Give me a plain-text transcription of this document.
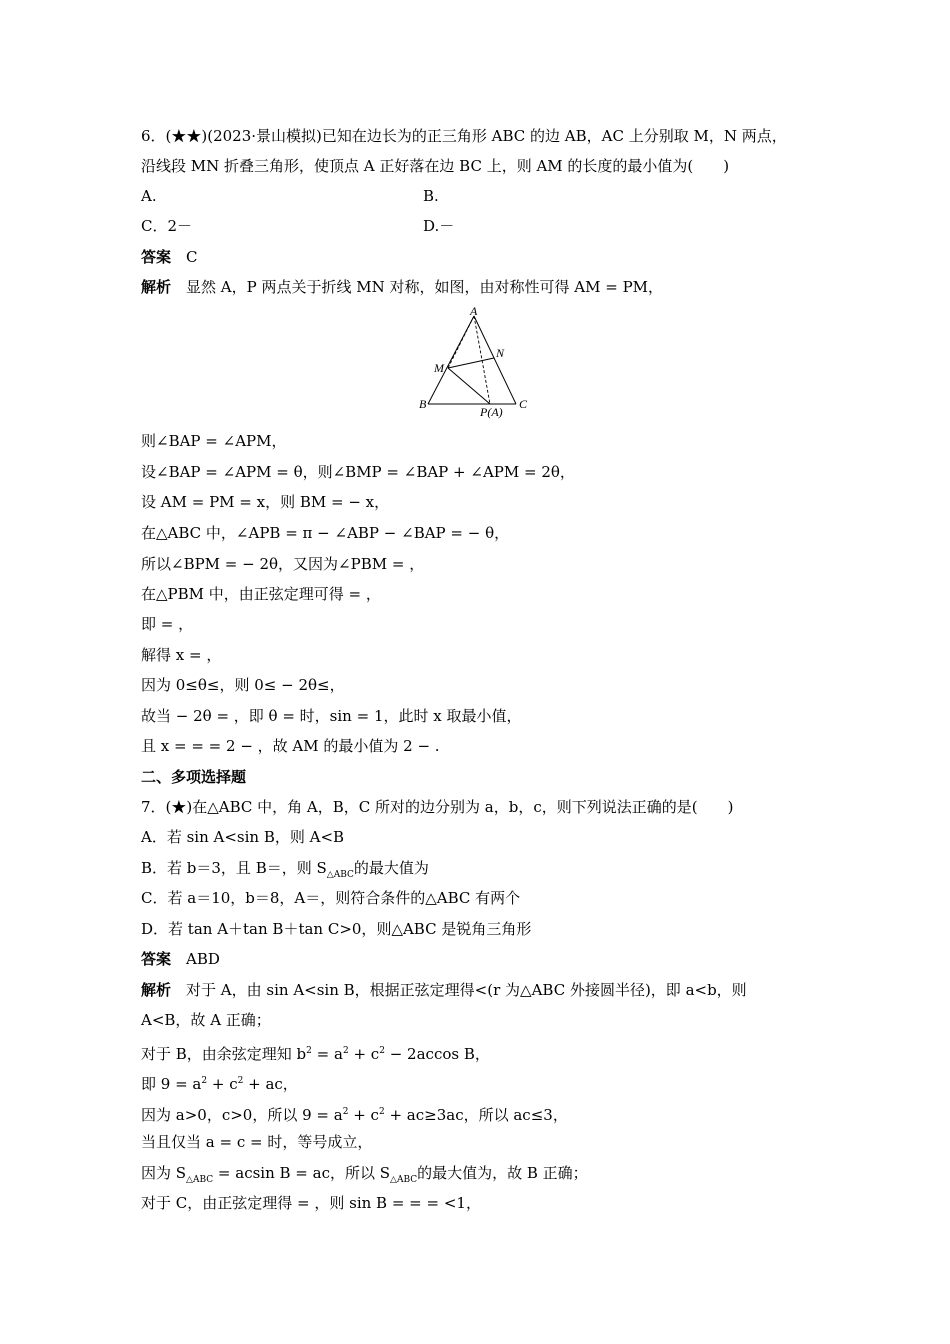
6．(★★)(2023·景山模拟)已知在边长为的正三角形 ABC 的边 AB，AC 上分别取 M，N 两点，
沿线段 MN 折叠三角形，使顶点 A 正好落在边 BC 上，则 AM 的长度的最小值为(　　)
A.	B.
C．2－	D.－
答案　 C
解析　 显然 A，P 两点关于折线 MN 对称，如图，由对称性可得 AM = PM，
A
N
M
B
P(A)
C
则∠BAP = ∠APM，
设∠BAP = ∠APM = θ，则∠BMP = ∠BAP + ∠APM = 2θ，
设 AM = PM = x，则 BM = − x，
在△ABC 中，∠APB = π − ∠ABP − ∠BAP = − θ，
所以∠BPM = − 2θ，又因为∠PBM = ，
在△PBM 中，由正弦定理可得 = ，
即 = ，
解得 x = ，
因为 0≤θ≤，则 0≤ − 2θ≤，
故当 − 2θ = ，即 θ = 时，sin = 1，此时 x 取最小值，
且 x = = = 2 − ，故 AM 的最小值为 2 − .
二、多项选择题
7．(★)在△ABC 中，角 A，B，C 所对的边分别为 a，b，c，则下列说法正确的是(　　)
A．若 sin A<sin B，则 A<B
B．若 b＝3，且 B＝，则 $S_{\triangle ABC}$的最大值为
C．若 a＝10，b＝8，A＝，则符合条件的△ABC 有两个
D．若 tan A＋tan B＋tan C>0，则△ABC 是锐角三角形
答案　 ABD
解析　 对于 A，由 sin A<sin B，根据正弦定理得<(r 为△ABC 外接圆半径)，即 a<b，则
A<B，故 A 正确；
对于 B，由余弦定理知 $b^2 = a^2 + c^2 - 2accos$ B，
即 $9 = a^2 + c^2$ + ac，
因为 a>0，c>0，所以 $9 = a^2 + c^2 + ac\ge 3ac$，所以 ac≤3，
当且仅当 a = c = 时，等号成立，
因为 $S_{\triangle ABC} = acsin$ B = ac，所以 $S_{\triangle ABC}$的最大值为，故 B 正确；
对于 C，由正弦定理得 = ，则 sin B = = = <1，
